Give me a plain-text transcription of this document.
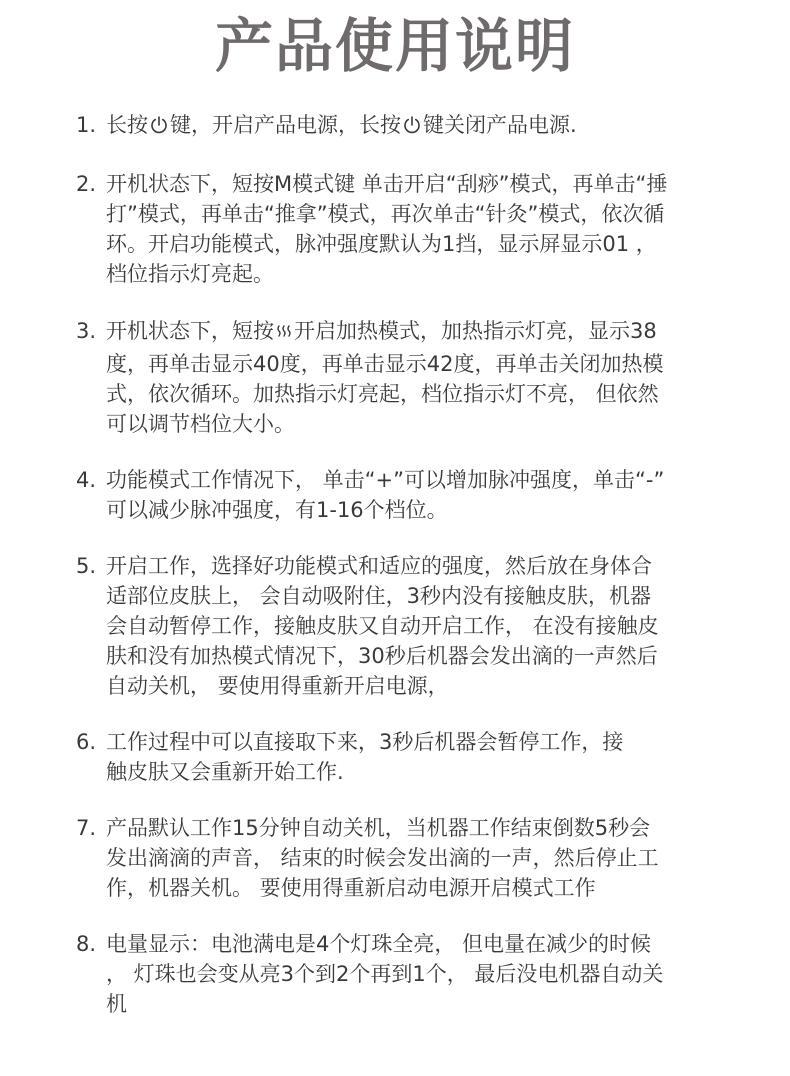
产品使用说明
1. 长按 键，开启产品电源，长按 键关闭产品电源.
2. 开机状态下，短按M模式键 单击开启“刮痧”模式，再单击“捶
打”模式，再单击“推拿”模式，再次单击“针灸”模式，依次循
环。开启功能模式，脉冲强度默认为1挡，显示屏显示01 ，
档位指示灯亮起。
3. 开机状态下，短按 开启加热模式，加热指示灯亮，显示38
度，再单击显示40度，再单击显示42度，再单击关闭加热模
式，依次循环。加热指示灯亮起，档位指示灯不亮， 但依然
可以调节档位大小。
4. 功能模式工作情况下， 单击“+”可以增加脉冲强度，单击“-”
可以减少脉冲强度，有1-16个档位。
5. 开启工作，选择好功能模式和适应的强度，然后放在身体合
适部位皮肤上， 会自动吸附住，3秒内没有接触皮肤，机器
会自动暂停工作，接触皮肤又自动开启工作， 在没有接触皮
肤和没有加热模式情况下，30秒后机器会发出滴的一声然后
自动关机， 要使用得重新开启电源，
6. 工作过程中可以直接取下来，3秒后机器会暂停工作，接
触皮肤又会重新开始工作.
7. 产品默认工作15分钟自动关机，当机器工作结束倒数5秒会
发出滴滴的声音， 结束的时候会发出滴的一声，然后停止工
作，机器关机。 要使用得重新启动电源开启模式工作
8. 电量显示：电池满电是4个灯珠全亮， 但电量在减少的时候
， 灯珠也会变从亮3个到2个再到1个， 最后没电机器自动关
机
